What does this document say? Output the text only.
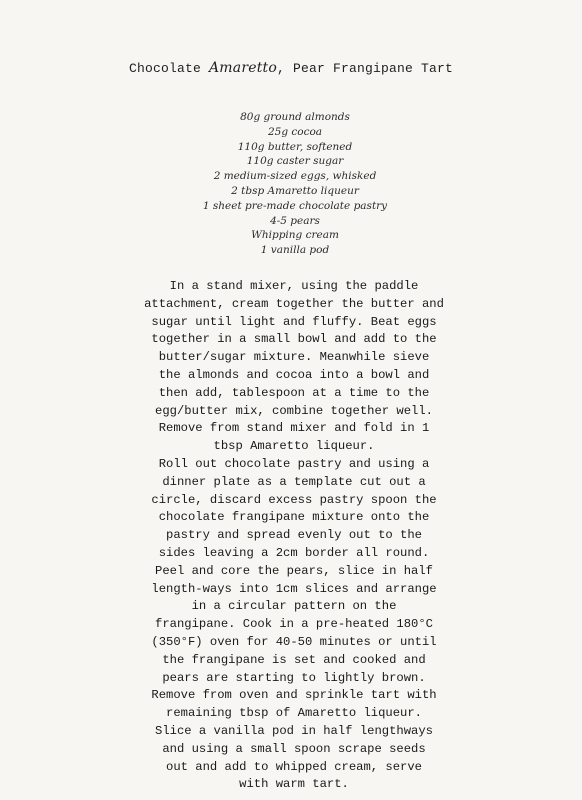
Chocolate Amaretto, Pear Frangipane Tart
80g ground almonds
25g cocoa
110g butter, softened
110g caster sugar
2 medium-sized eggs, whisked
2 tbsp Amaretto liqueur
1 sheet pre-made chocolate pastry
4-5 pears
Whipping cream
1 vanilla pod
In a stand mixer, using the paddle
attachment, cream together the butter and
sugar until light and fluffy. Beat eggs
together in a small bowl and add to the
butter/sugar mixture. Meanwhile sieve
the almonds and cocoa into a bowl and
then add, tablespoon at a time to the
egg/butter mix, combine together well.
Remove from stand mixer and fold in 1
tbsp Amaretto liqueur.
Roll out chocolate pastry and using a
dinner plate as a template cut out a
circle, discard excess pastry spoon the
chocolate frangipane mixture onto the
pastry and spread evenly out to the
sides leaving a 2cm border all round.
Peel and core the pears, slice in half
length-ways into 1cm slices and arrange
in a circular pattern on the
frangipane. Cook in a pre-heated 180°C
(350°F) oven for 40-50 minutes or until
the frangipane is set and cooked and
pears are starting to lightly brown.
Remove from oven and sprinkle tart with
remaining tbsp of Amaretto liqueur.
Slice a vanilla pod in half lengthways
and using a small spoon scrape seeds
out and add to whipped cream, serve
with warm tart.
